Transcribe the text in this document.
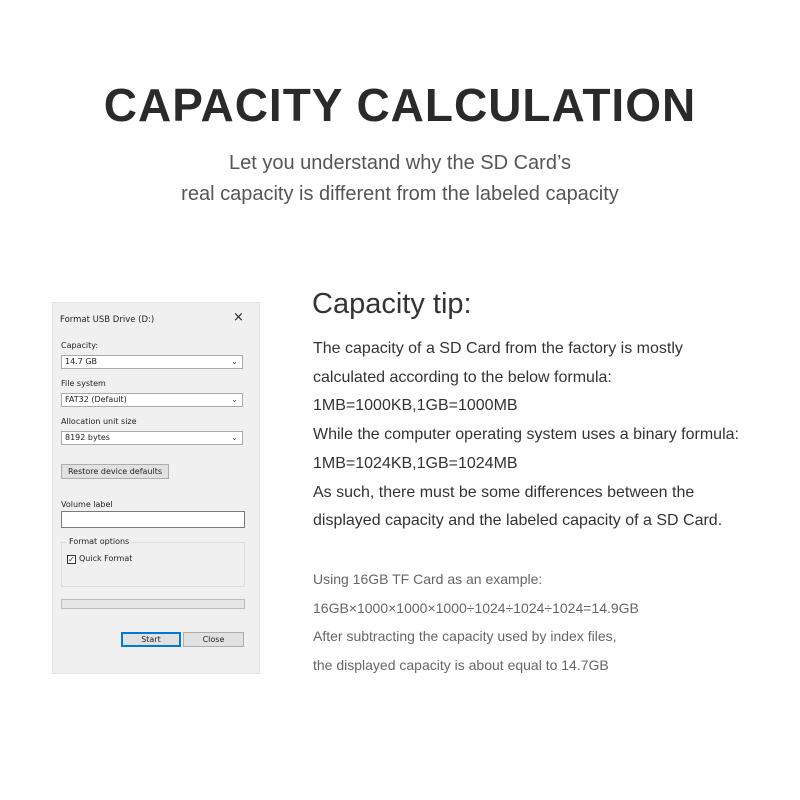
CAPACITY CALCULATION
Let you understand why the SD Card’s
real capacity is different from the labeled capacity
Format USB Drive (D:)	×
Capacity:
14.7 GB	⌄
File system
FAT32 (Default)	⌄
Allocation unit size
8192 bytes	⌄
Restore device defaults
Volume label
Format options
✓ Quick Format
Start	Close
Capacity tip:
The capacity of a SD Card from the factory is mostly
calculated according to the below formula:
1MB=1000KB,1GB=1000MB
While the computer operating system uses a binary formula:
1MB=1024KB,1GB=1024MB
As such, there must be some differences between the
displayed capacity and the labeled capacity of a SD Card.
Using 16GB TF Card as an example:
16GB×1000×1000×1000÷1024÷1024÷1024=14.9GB
After subtracting the capacity used by index files,
the displayed capacity is about equal to 14.7GB
